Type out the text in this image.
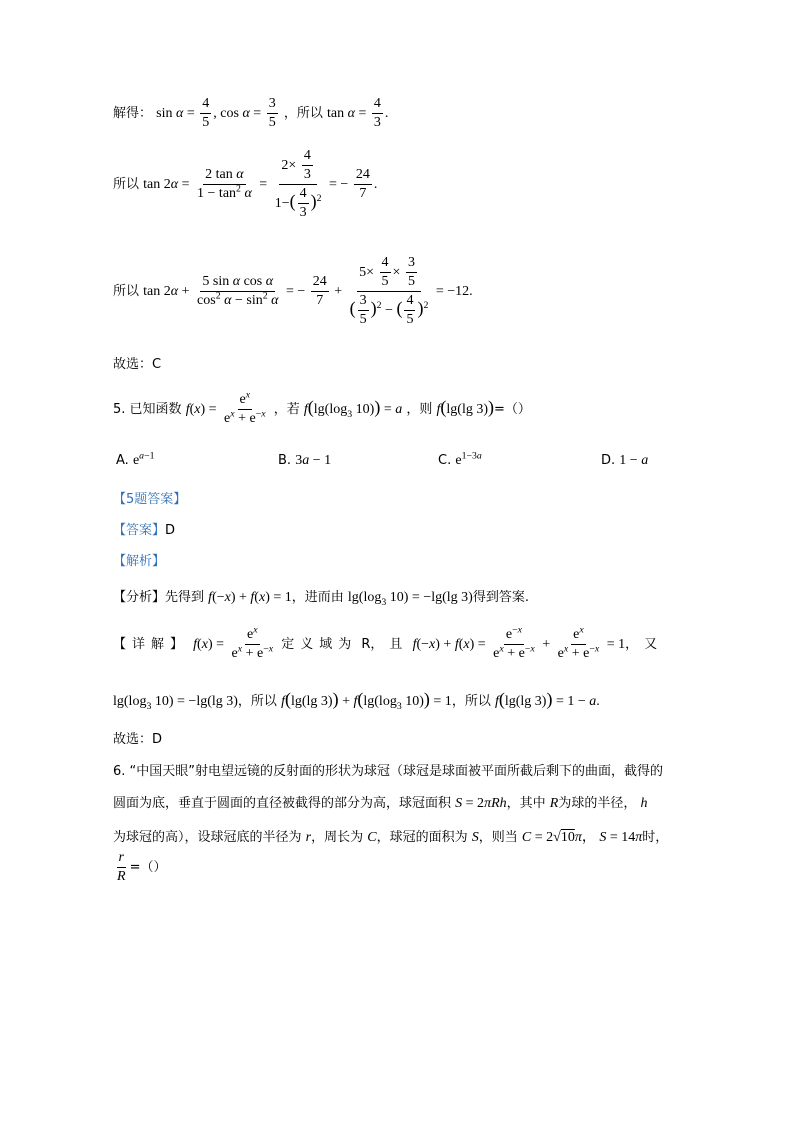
解得： $\sin \alpha = \frac{4}{5}$ , $\cos \alpha = \frac{3}{5}$ ，所以 $\tan \alpha = \frac{4}{3}$ .
所以 $\tan 2\alpha = \frac{\text{2 tan α}}{1 - \tan^2 \alpha} = \frac{2\times \frac{4}{3}}{1-( \frac{4}{3} )^2}$ = − $\frac{24}{7}$ .
所以 $\tan 2\alpha + \frac{\text{5 sin α cos α}}{\cos^2 \alpha - \sin^2 \alpha}$ = − $\frac{24}{7} + \frac{5\times \frac{4}{5} \times \frac{3}{5}}{( \frac{3}{5} )^2 - ( \frac{4}{5} )^2} = -12$.
故选：C
5. 已知函数 $f(x) = \frac{e^x}{e^x + e^{-x}}$ ，若 $f(\lg(\log_3$ 10)) = a ，则 f(lg(lg 3))=（）
A. $e^{a-1}$	B. 3a − 1	C. $e^{1-3a}$	D. 1 − a
【5题答案】
【答案】D
【解析】
【分析】先得到 f(−x) + f(x) = 1，进而由 $\lg(\log_3$ 10) = −lg(lg 3)得到答案.
【详解】 $f(x) = \frac{e^x}{e^x + e^{-x}}$ 定义域为 R，且 $f(-x) + f(x) = \frac{e^{-x}}{e^x + e^{-x}} + \frac{e^x}{e^x + e^{-x}} = 1$，又
$\lg(\log_3$ 10) = −lg(lg 3)，所以 f(lg(lg $3)) + f(\lg(\log_3$ 10)) = 1，所以 f(lg(lg 3)) = 1 − a.
故选：D
6. “中国天眼”射电望远镜的反射面的形状为球冠（球冠是球面被平面所截后剩下的曲面，截得的
圆面为底，垂直于圆面的直径被截得的部分为高，球冠面积 S = 2πRh，其中 R为球的半径， h
为球冠的高），设球冠底的半径为 r，周长为 C，球冠的面积为 S，则当 C = 2√10π， S = 14π时，
$\frac{r}{R}$ =（）
